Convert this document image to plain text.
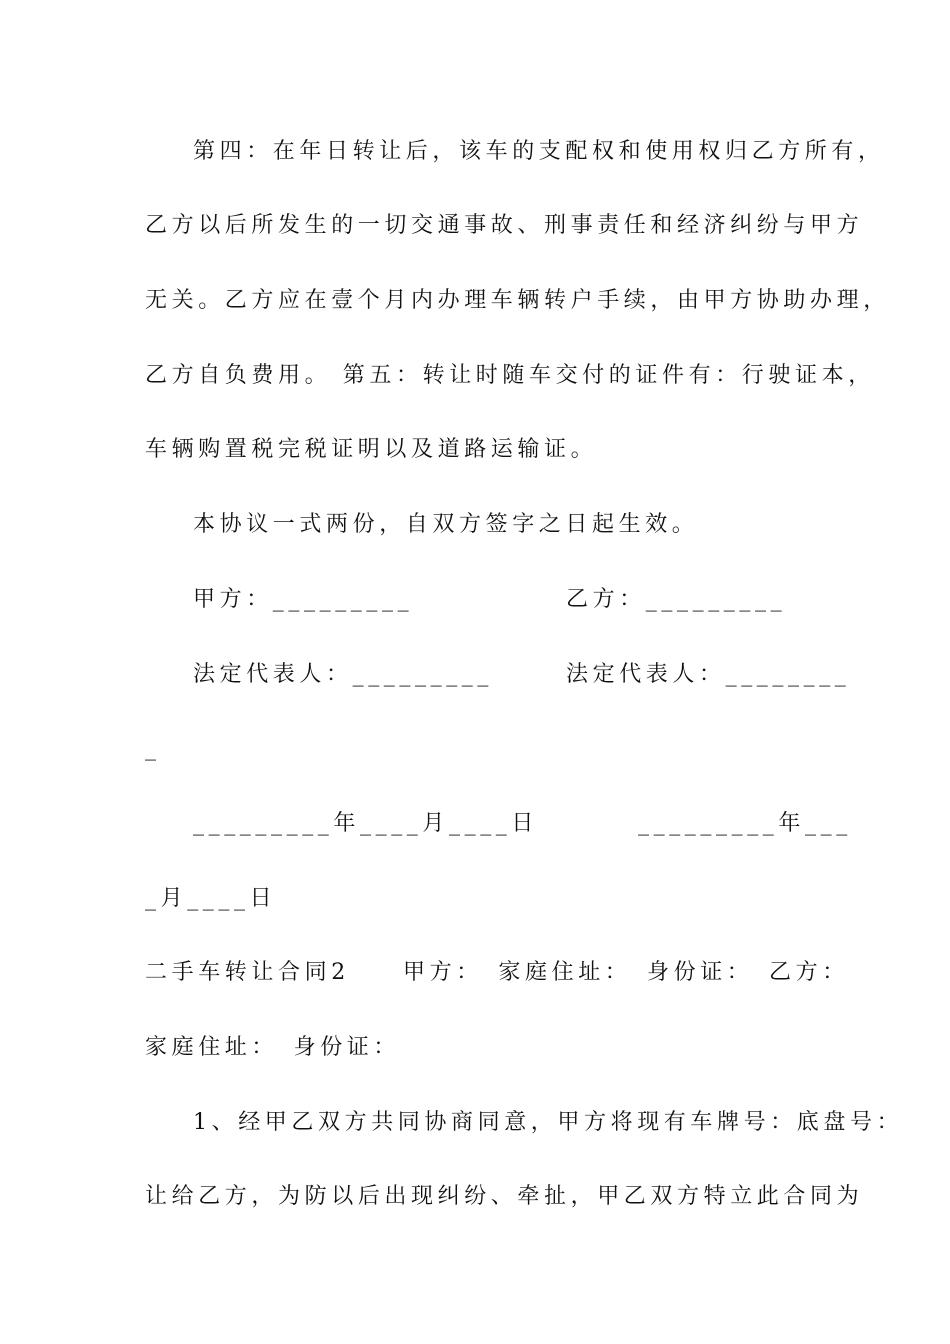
第四：在年日转让后，该车的支配权和使用权归乙方所有，
乙方以后所发生的一切交通事故、刑事责任和经济纠纷与甲方
无关。乙方应在壹个月内办理车辆转户手续，由甲方协助办理，
乙方自负费用。 第五：转让时随车交付的证件有：行驶证本，
车辆购置税完税证明以及道路运输证。
本协议一式两份，自双方签字之日起生效。
甲方：_________	乙方：_________
法定代表人：_________	法定代表人：________
_
_________年____月____日	_________年___
_月____日
二手车转让合同2　　甲方：　家庭住址：　身份证：　乙方：
家庭住址：　身份证：
1、经甲乙双方共同协商同意，甲方将现有车牌号：底盘号：
让给乙方，为防以后出现纠纷、牵扯，甲乙双方特立此合同为
